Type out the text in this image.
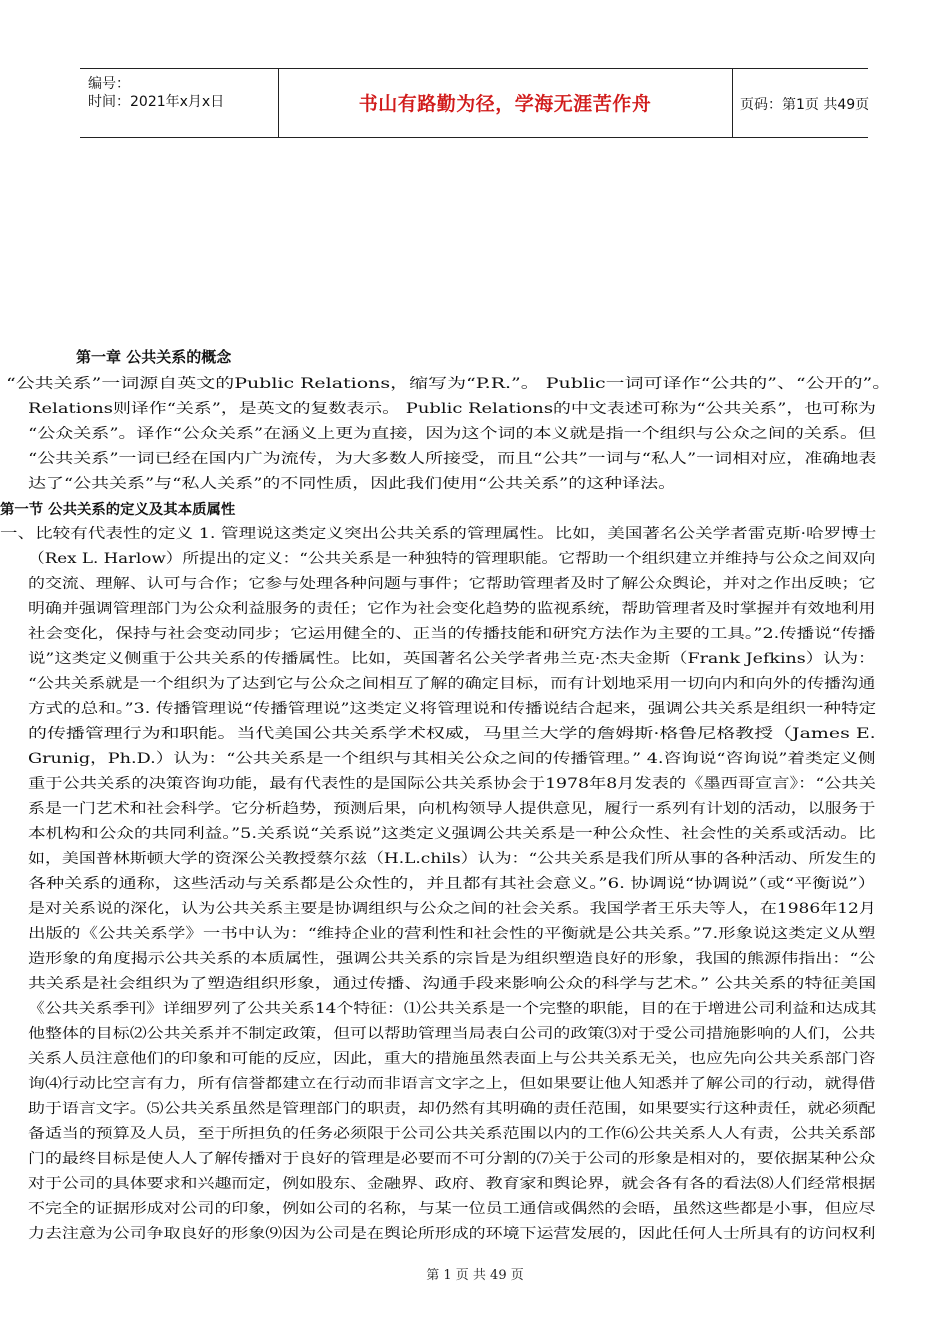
编号：
时间：2021年x月x日	书山有路勤为径，学海无涯苦作舟	页码：第1页 共49页
第一章 公共关系的概念
“公共关系”一词源自英文的Public Relations，缩写为“P.R.”。 Public一词可译作“公共的”、“公开的”。
Relations则译作“关系”，是英文的复数表示。 Public Relations的中文表述可称为“公共关系”，也可称为
“公众关系”。译作“公众关系”在涵义上更为直接，因为这个词的本义就是指一个组织与公众之间的关系。但
“公共关系”一词已经在国内广为流传，为大多数人所接受，而且“公共”一词与“私人”一词相对应，准确地表
达了“公共关系”与“私人关系”的不同性质，因此我们使用“公共关系”的这种译法。
第一节 公共关系的定义及其本质属性
一、比较有代表性的定义 1. 管理说这类定义突出公共关系的管理属性。比如，美国著名公关学者雷克斯·哈罗博士
（Rex L. Harlow）所提出的定义：“公共关系是一种独特的管理职能。它帮助一个组织建立并维持与公众之间双向
的交流、理解、认可与合作；它参与处理各种问题与事件；它帮助管理者及时了解公众舆论，并对之作出反映；它
明确并强调管理部门为公众利益服务的责任；它作为社会变化趋势的监视系统，帮助管理者及时掌握并有效地利用
社会变化，保持与社会变动同步；它运用健全的、正当的传播技能和研究方法作为主要的工具。”2.传播说“传播
说”这类定义侧重于公共关系的传播属性。比如，英国著名公关学者弗兰克·杰夫金斯（Frank Jefkins）认为：
“公共关系就是一个组织为了达到它与公众之间相互了解的确定目标，而有计划地采用一切向内和向外的传播沟通
方式的总和。”3. 传播管理说“传播管理说”这类定义将管理说和传播说结合起来，强调公共关系是组织一种特定
的传播管理行为和职能。当代美国公共关系学术权威，马里兰大学的詹姆斯·格鲁尼格教授（James E.
Grunig，Ph.D.）认为：“公共关系是一个组织与其相关公众之间的传播管理。” 4.咨询说“咨询说”着类定义侧
重于公共关系的决策咨询功能，最有代表性的是国际公共关系协会于1978年8月发表的《墨西哥宣言》：“公共关
系是一门艺术和社会科学。它分析趋势，预测后果，向机构领导人提供意见，履行一系列有计划的活动，以服务于
本机构和公众的共同利益。”5.关系说“关系说”这类定义强调公共关系是一种公众性、社会性的关系或活动。比
如，美国普林斯顿大学的资深公关教授蔡尔兹（H.L.chils）认为：“公共关系是我们所从事的各种活动、所发生的
各种关系的通称，这些活动与关系都是公众性的，并且都有其社会意义。”6. 协调说“协调说”（或“平衡说”）
是对关系说的深化，认为公共关系主要是协调组织与公众之间的社会关系。我国学者王乐夫等人，在1986年12月
出版的《公共关系学》一书中认为：“维持企业的营利性和社会性的平衡就是公共关系。”7.形象说这类定义从塑
造形象的角度揭示公共关系的本质属性，强调公共关系的宗旨是为组织塑造良好的形象，我国的熊源伟指出：“公
共关系是社会组织为了塑造组织形象，通过传播、沟通手段来影响公众的科学与艺术。” 公共关系的特征美国
《公共关系季刊》详细罗列了公共关系14个特征：⑴公共关系是一个完整的职能，目的在于增进公司利益和达成其
他整体的目标⑵公共关系并不制定政策，但可以帮助管理当局表白公司的政策⑶对于受公司措施影响的人们，公共
关系人员注意他们的印象和可能的反应，因此，重大的措施虽然表面上与公共关系无关，也应先向公共关系部门咨
询⑷行动比空言有力，所有信誉都建立在行动而非语言文字之上，但如果要让他人知悉并了解公司的行动，就得借
助于语言文字。⑸公共关系虽然是管理部门的职责，却仍然有其明确的责任范围，如果要实行这种责任，就必须配
备适当的预算及人员，至于所担负的任务必须限于公司公共关系范围以内的工作⑹公共关系人人有责，公共关系部
门的最终目标是使人人了解传播对于良好的管理是必要而不可分割的⑺关于公司的形象是相对的，要依据某种公众
对于公司的具体要求和兴趣而定，例如股东、金融界、政府、教育家和舆论界，就会各有各的看法⑻人们经常根据
不完全的证据形成对公司的印象，例如公司的名称，与某一位员工通信或偶然的会晤，虽然这些都是小事，但应尽
力去注意为公司争取良好的形象⑼因为公司是在舆论所形成的环境下运营发展的，因此任何人士所具有的访问权利
第 1 页 共 49 页
